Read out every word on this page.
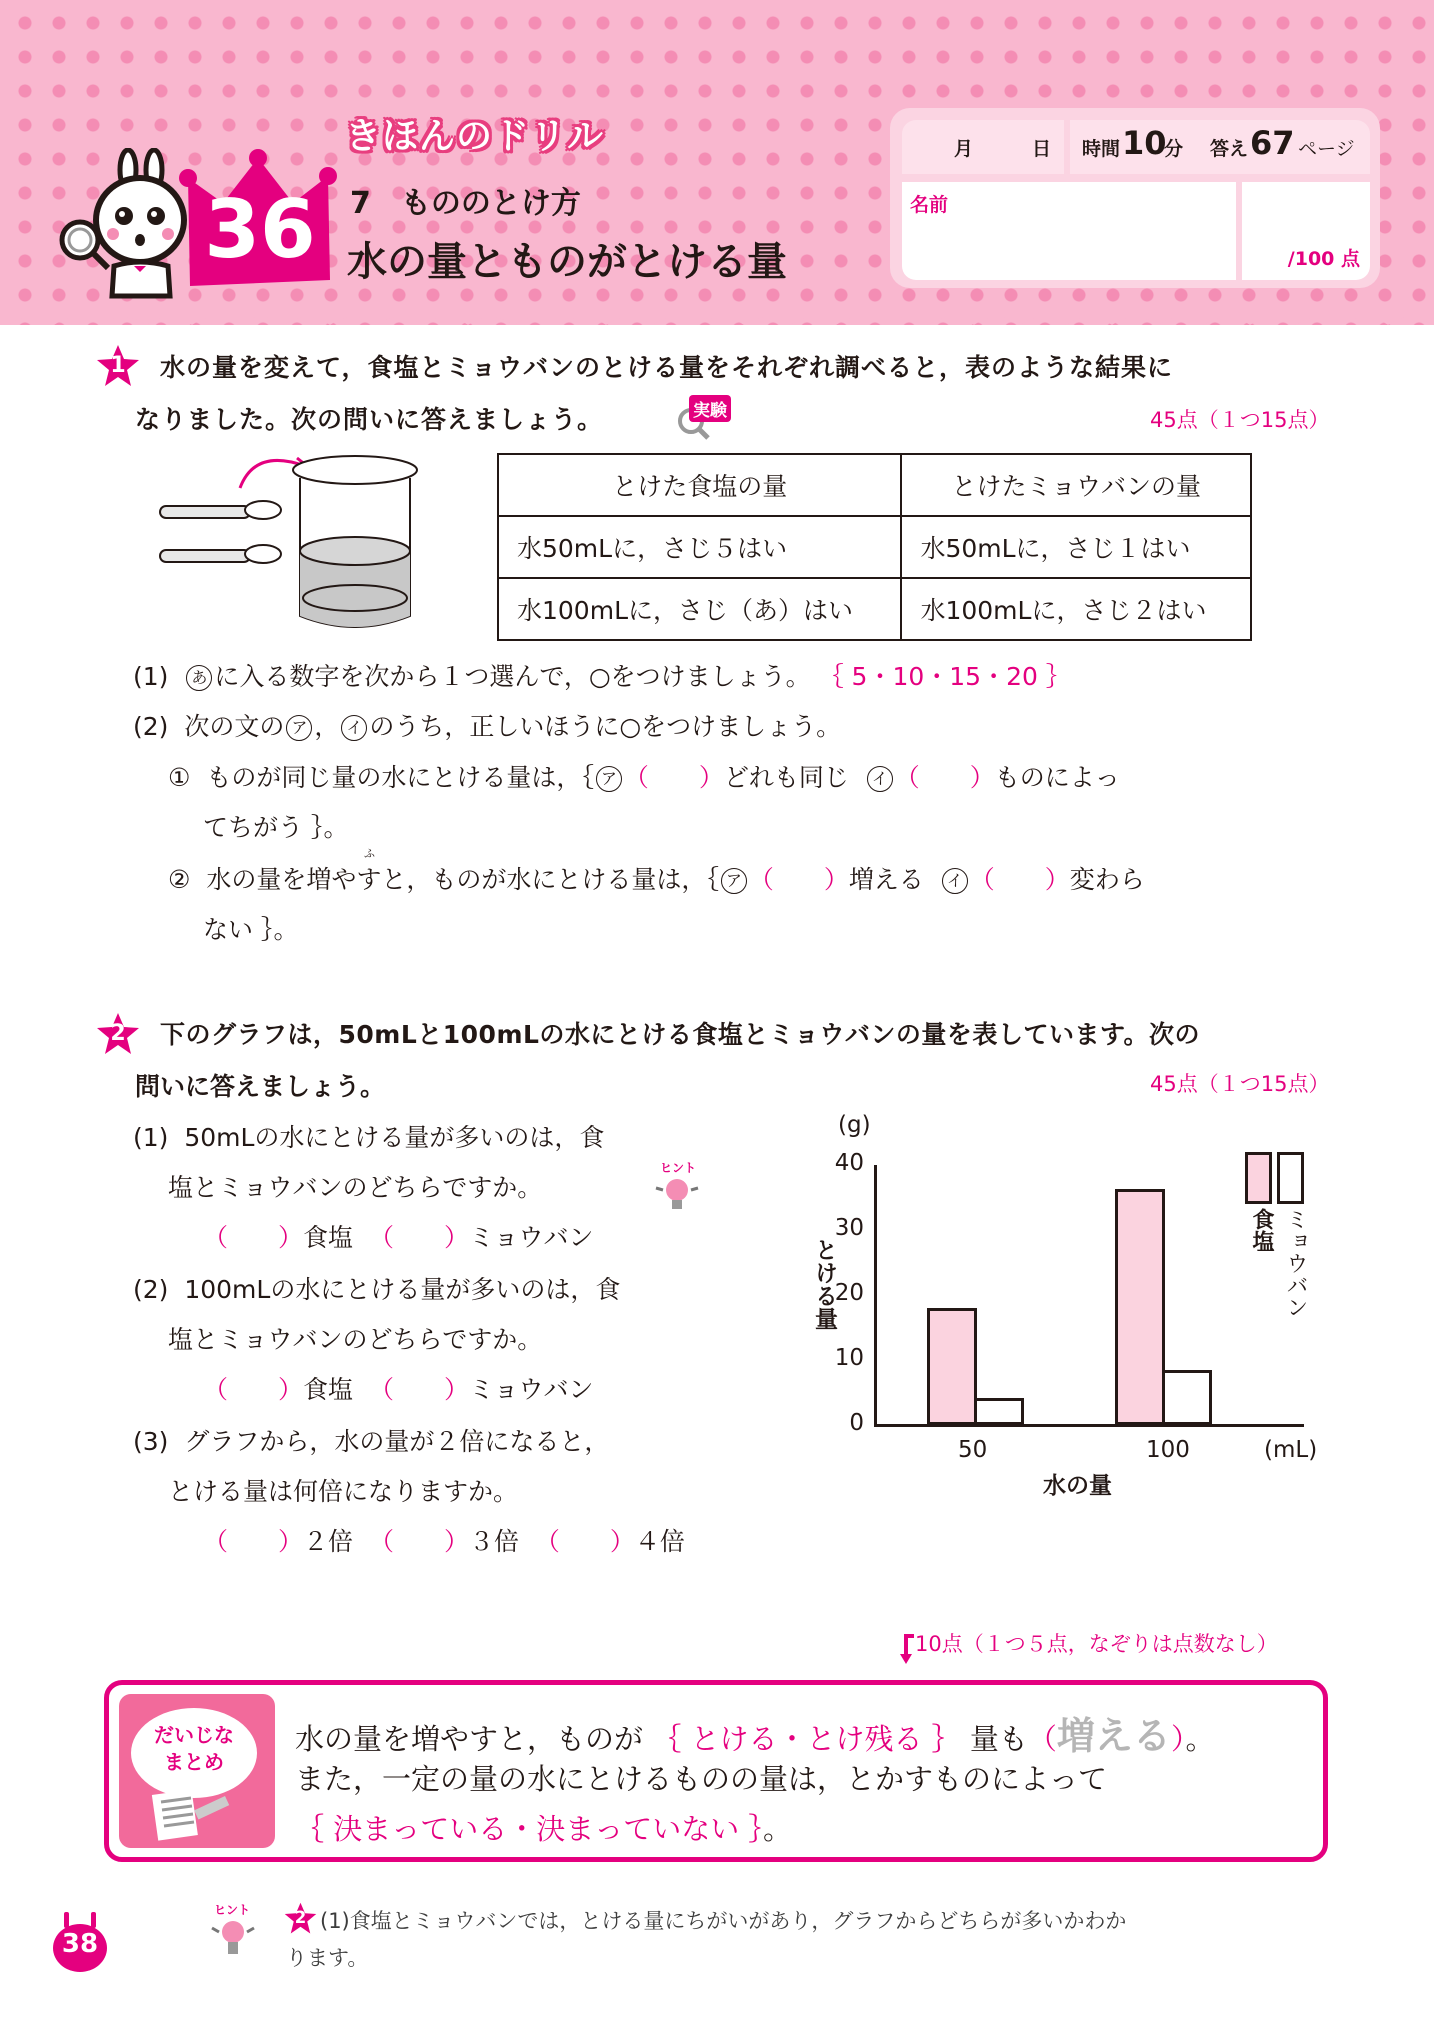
きほんのドリル
36	7　もののとけ方
水の量とものがとける量
月	日 時間 10
分 答え 67 ページ
名前
/100 点
1	水の量を変えて，食塩とミョウバンのとける量をそれぞれ調べると，表のような結果に
なりました。次の問いに答えましょう。	実験	45点（１つ15点）
とけた食塩の量	とけたミョウバンの量
水50mLに，さじ５はい	水50mLに，さじ１はい
水100mLに，さじ（あ）はい	水100mLに，さじ２はい
(1) あ に入る数字を次から１つ選んで，○をつけましょう。 ｛ 5・10・15・20 ｝
(2) 次の文の ア ， イ のうち，正しいほうに○をつけましょう。
① ものが同じ量の水にとける量は，｛ ア （　　）どれも同じ イ （　　）ものによっ
てちがう ｝。
② 水の量を増やすと，ものが水にとける量は，｛ ア （　　）増える イ （　　）変わら
ふ
ない ｝。
2	下のグラフは，50mLと100mLの水にとける食塩とミョウバンの量を表しています。次の
問いに答えましょう。	45点（１つ15点）
(1) 50mLの水にとける量が多いのは，食
塩とミョウバンのどちらですか。
ヒント
（　　）食塩 （　　）ミョウバン
(2) 100mLの水にとける量が多いのは，食
塩とミョウバンのどちらですか。
（　　）食塩 （　　）ミョウバン
(3) グラフから，水の量が２倍になると，
とける量は何倍になりますか。
（　　）２倍 （　　）３倍 （　　）４倍
(g)
とける量
0
10
20
30
40
50	100	(mL)
水の量
食塩 ミョウバン
10点（１つ５点，なぞりは点数なし）
だいじな
まとめ
水の量を増やすと，ものが ｛ とける・とけ残る ｝ 量も（増える）。
また，一定の量の水にとけるものの量は，とかすものによって
｛ 決まっている・決まっていない ｝。
38
ヒント	2 (1)食塩とミョウバンでは，とける量にちがいがあり，グラフからどちらが多いかわか
ります。
